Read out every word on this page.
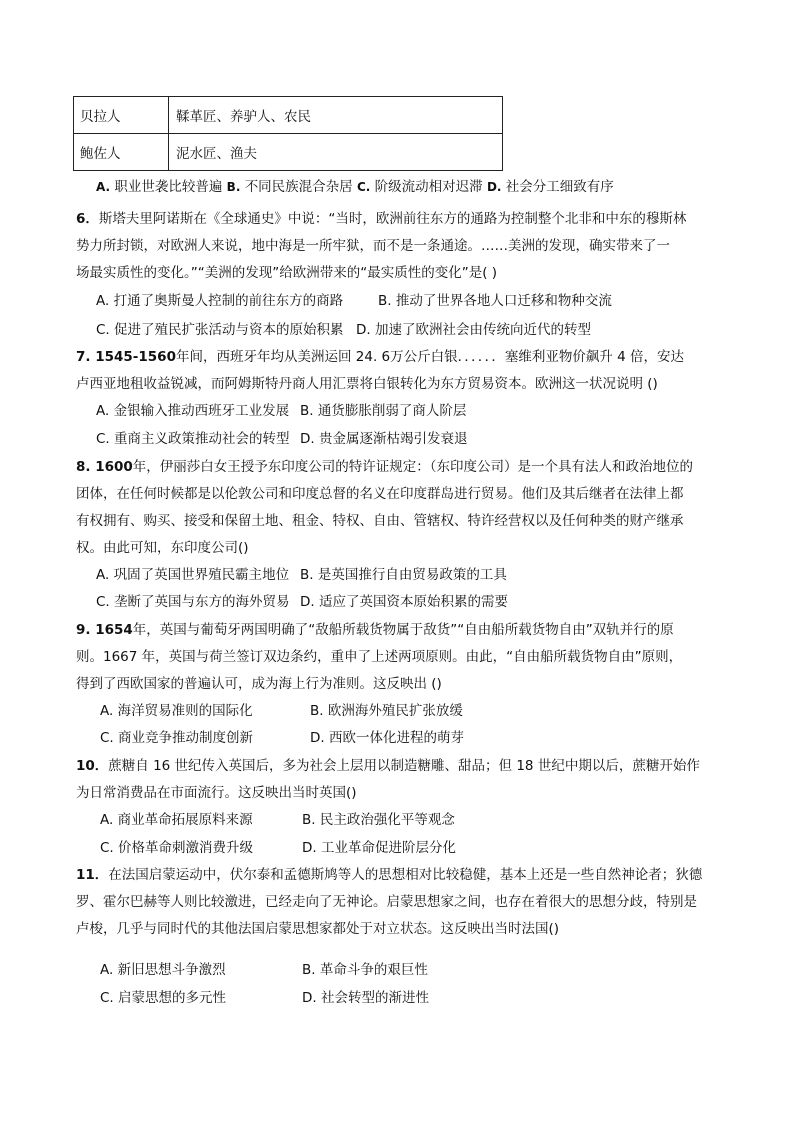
贝拉人	鞣革匠、养驴人、农民
鲍佐人	泥水匠、渔夫
A. 职业世袭比较普遍 B. 不同民族混合杂居 C. 阶级流动相对迟滞 D. 社会分工细致有序
6．斯塔夫里阿诺斯在《全球通史》中说：“当时，欧洲前往东方的通路为控制整个北非和中东的穆斯林
势力所封锁，对欧洲人来说，地中海是一所牢狱，而不是一条通途。……美洲的发现，确实带来了一
场最实质性的变化。”“美洲的发现”给欧洲带来的“最实质性的变化”是( )
A. 打通了奥斯曼人控制的前往东方的商路	B. 推动了世界各地人口迁移和物种交流
C. 促进了殖民扩张活动与资本的原始积累 D. 加速了欧洲社会由传统向近代的转型
7. 1545-1560年间，西班牙年均从美洲运回 24. 6万公斤白银．．．．．．塞维利亚物价飙升 4 倍，安达
卢西亚地租收益锐减，而阿姆斯特丹商人用汇票将白银转化为东方贸易资本。欧洲这一状况说明 ()
A. 金银输入推动西班牙工业发展 B. 通货膨胀削弱了商人阶层
C. 重商主义政策推动社会的转型 D. 贵金属逐渐枯竭引发衰退
8. 1600年，伊丽莎白女王授予东印度公司的特许证规定：（东印度公司）是一个具有法人和政治地位的
团体，在任何时候都是以伦敦公司和印度总督的名义在印度群岛进行贸易。他们及其后继者在法律上都
有权拥有、购买、接受和保留土地、租金、特权、自由、管辖权、特许经营权以及任何种类的财产继承
权。由此可知，东印度公司()
A. 巩固了英国世界殖民霸主地位 B. 是英国推行自由贸易政策的工具
C. 垄断了英国与东方的海外贸易 D. 适应了英国资本原始积累的需要
9. 1654年，英国与葡萄牙两国明确了“敌船所载货物属于敌货”“自由船所载货物自由”双轨并行的原
则。1667 年，英国与荷兰签订双边条约，重申了上述两项原则。由此，“自由船所载货物自由”原则，
得到了西欧国家的普遍认可，成为海上行为准则。这反映出 ()
A. 海洋贸易准则的国际化	B. 欧洲海外殖民扩张放缓
C. 商业竞争推动制度创新	D. 西欧一体化进程的萌芽
10．蔗糖自 16 世纪传入英国后，多为社会上层用以制造糖雕、甜品；但 18 世纪中期以后，蔗糖开始作
为日常消费品在市面流行。这反映出当时英国()
A. 商业革命拓展原料来源	B. 民主政治强化平等观念
C. 价格革命刺激消费升级	D. 工业革命促进阶层分化
11．在法国启蒙运动中，伏尔泰和孟德斯鸠等人的思想相对比较稳健，基本上还是一些自然神论者；狄德
罗、霍尔巴赫等人则比较激进，已经走向了无神论。启蒙思想家之间，也存在着很大的思想分歧，特别是
卢梭，几乎与同时代的其他法国启蒙思想家都处于对立状态。这反映出当时法国()
A. 新旧思想斗争激烈	B. 革命斗争的艰巨性
C. 启蒙思想的多元性	D. 社会转型的渐进性
